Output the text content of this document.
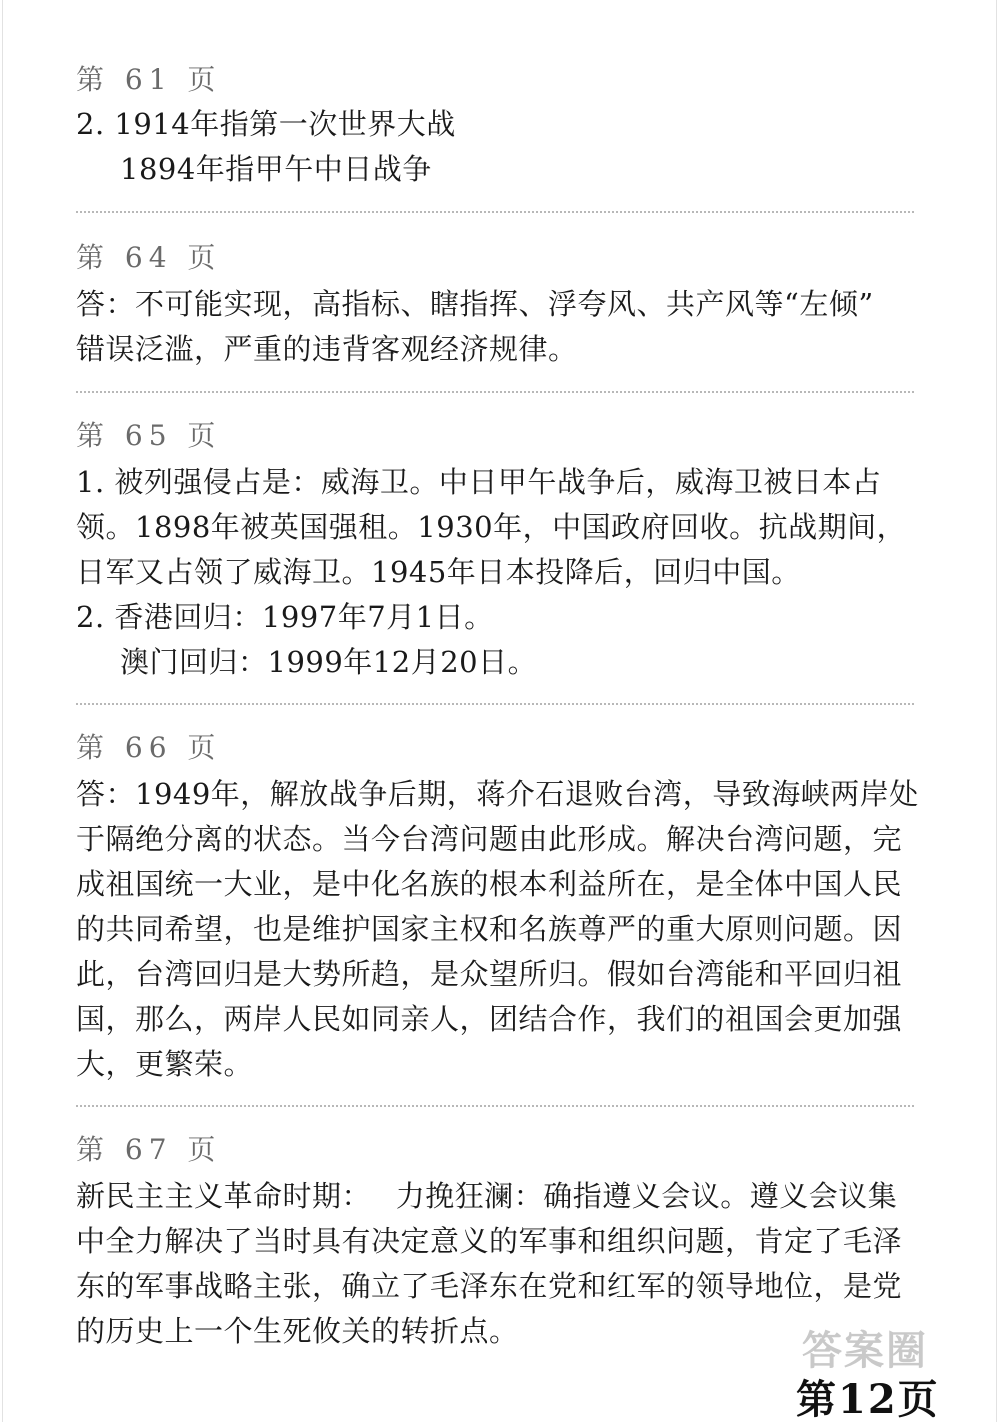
第 61 页
2. 1914年指第一次世界大战
1894年指甲午中日战争
第 64 页
答：不可能实现，高指标、瞎指挥、浮夸风、共产风等“左倾”
错误泛滥，严重的违背客观经济规律。
第 65 页
1. 被列强侵占是：威海卫。中日甲午战争后，威海卫被日本占
领。1898年被英国强租。1930年，中国政府回收。抗战期间，
日军又占领了威海卫。1945年日本投降后，回归中国。
2. 香港回归：1997年7月1日。
澳门回归：1999年12月20日。
第 66 页
答：1949年，解放战争后期，蒋介石退败台湾，导致海峡两岸处
于隔绝分离的状态。当今台湾问题由此形成。解决台湾问题，完
成祖国统一大业，是中化名族的根本利益所在，是全体中国人民
的共同希望，也是维护国家主权和名族尊严的重大原则问题。因
此，台湾回归是大势所趋，是众望所归。假如台湾能和平回归祖
国，那么，两岸人民如同亲人，团结合作，我们的祖国会更加强
大，更繁荣。
第 67 页
新民主主义革命时期：　 力挽狂澜：确指遵义会议。遵义会议集
中全力解决了当时具有决定意义的军事和组织问题，肯定了毛泽
东的军事战略主张，确立了毛泽东在党和红军的领导地位，是党
的历史上一个生死攸关的转折点。	答案圈
第12页
